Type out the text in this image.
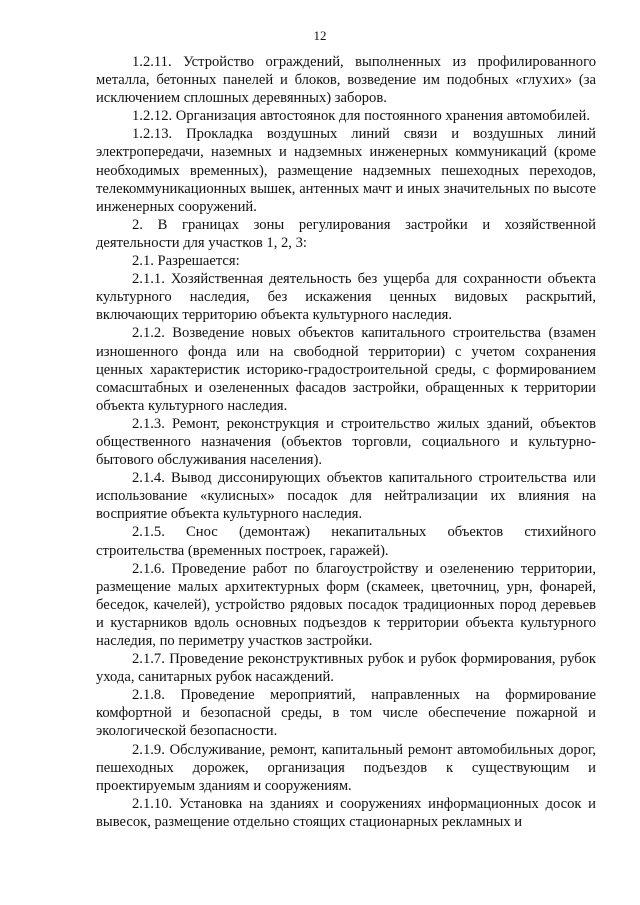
12

1.2.11. Устройство ограждений, выполненных из профилированного металла, бетонных панелей и блоков, возведение им подобных «глухих» (за исключением сплошных деревянных) заборов.

1.2.12. Организация автостоянок для постоянного хранения автомобилей.

1.2.13. Прокладка воздушных линий связи и воздушных линий электропередачи, наземных и надземных инженерных коммуникаций (кроме необходимых временных), размещение надземных пешеходных переходов, телекоммуникационных вышек, антенных мачт и иных значительных по высоте инженерных сооружений.

2. В границах зоны регулирования застройки и хозяйственной деятельности для участков 1, 2, 3:

2.1. Разрешается:

2.1.1. Хозяйственная деятельность без ущерба для сохранности объекта культурного наследия, без искажения ценных видовых раскрытий, включающих территорию объекта культурного наследия.

2.1.2. Возведение новых объектов капитального строительства (взамен изношенного фонда или на свободной территории) с учетом сохранения ценных характеристик историко-градостроительной среды, с формированием сомасштабных и озелененных фасадов застройки, обращенных к территории объекта культурного наследия.

2.1.3. Ремонт, реконструкция и строительство жилых зданий, объектов общественного назначения (объектов торговли, социального и культурно-бытового обслуживания населения).

2.1.4. Вывод диссонирующих объектов капитального строительства или использование «кулисных» посадок для нейтрализации их влияния на восприятие объекта культурного наследия.

2.1.5. Снос (демонтаж) некапитальных объектов стихийного строительства (временных построек, гаражей).

2.1.6. Проведение работ по благоустройству и озеленению территории, размещение малых архитектурных форм (скамеек, цветочниц, урн, фонарей, беседок, качелей), устройство рядовых посадок традиционных пород деревьев и кустарников вдоль основных подъездов к территории объекта культурного наследия, по периметру участков застройки.

2.1.7. Проведение реконструктивных рубок и рубок формирования, рубок ухода, санитарных рубок насаждений.

2.1.8. Проведение мероприятий, направленных на формирование комфортной и безопасной среды, в том числе обеспечение пожарной и экологической безопасности.

2.1.9. Обслуживание, ремонт, капитальный ремонт автомобильных дорог, пешеходных дорожек, организация подъездов к существующим и проектируемым зданиям и сооружениям.

2.1.10. Установка на зданиях и сооружениях информационных досок и вывесок, размещение отдельно стоящих стационарных рекламных и
